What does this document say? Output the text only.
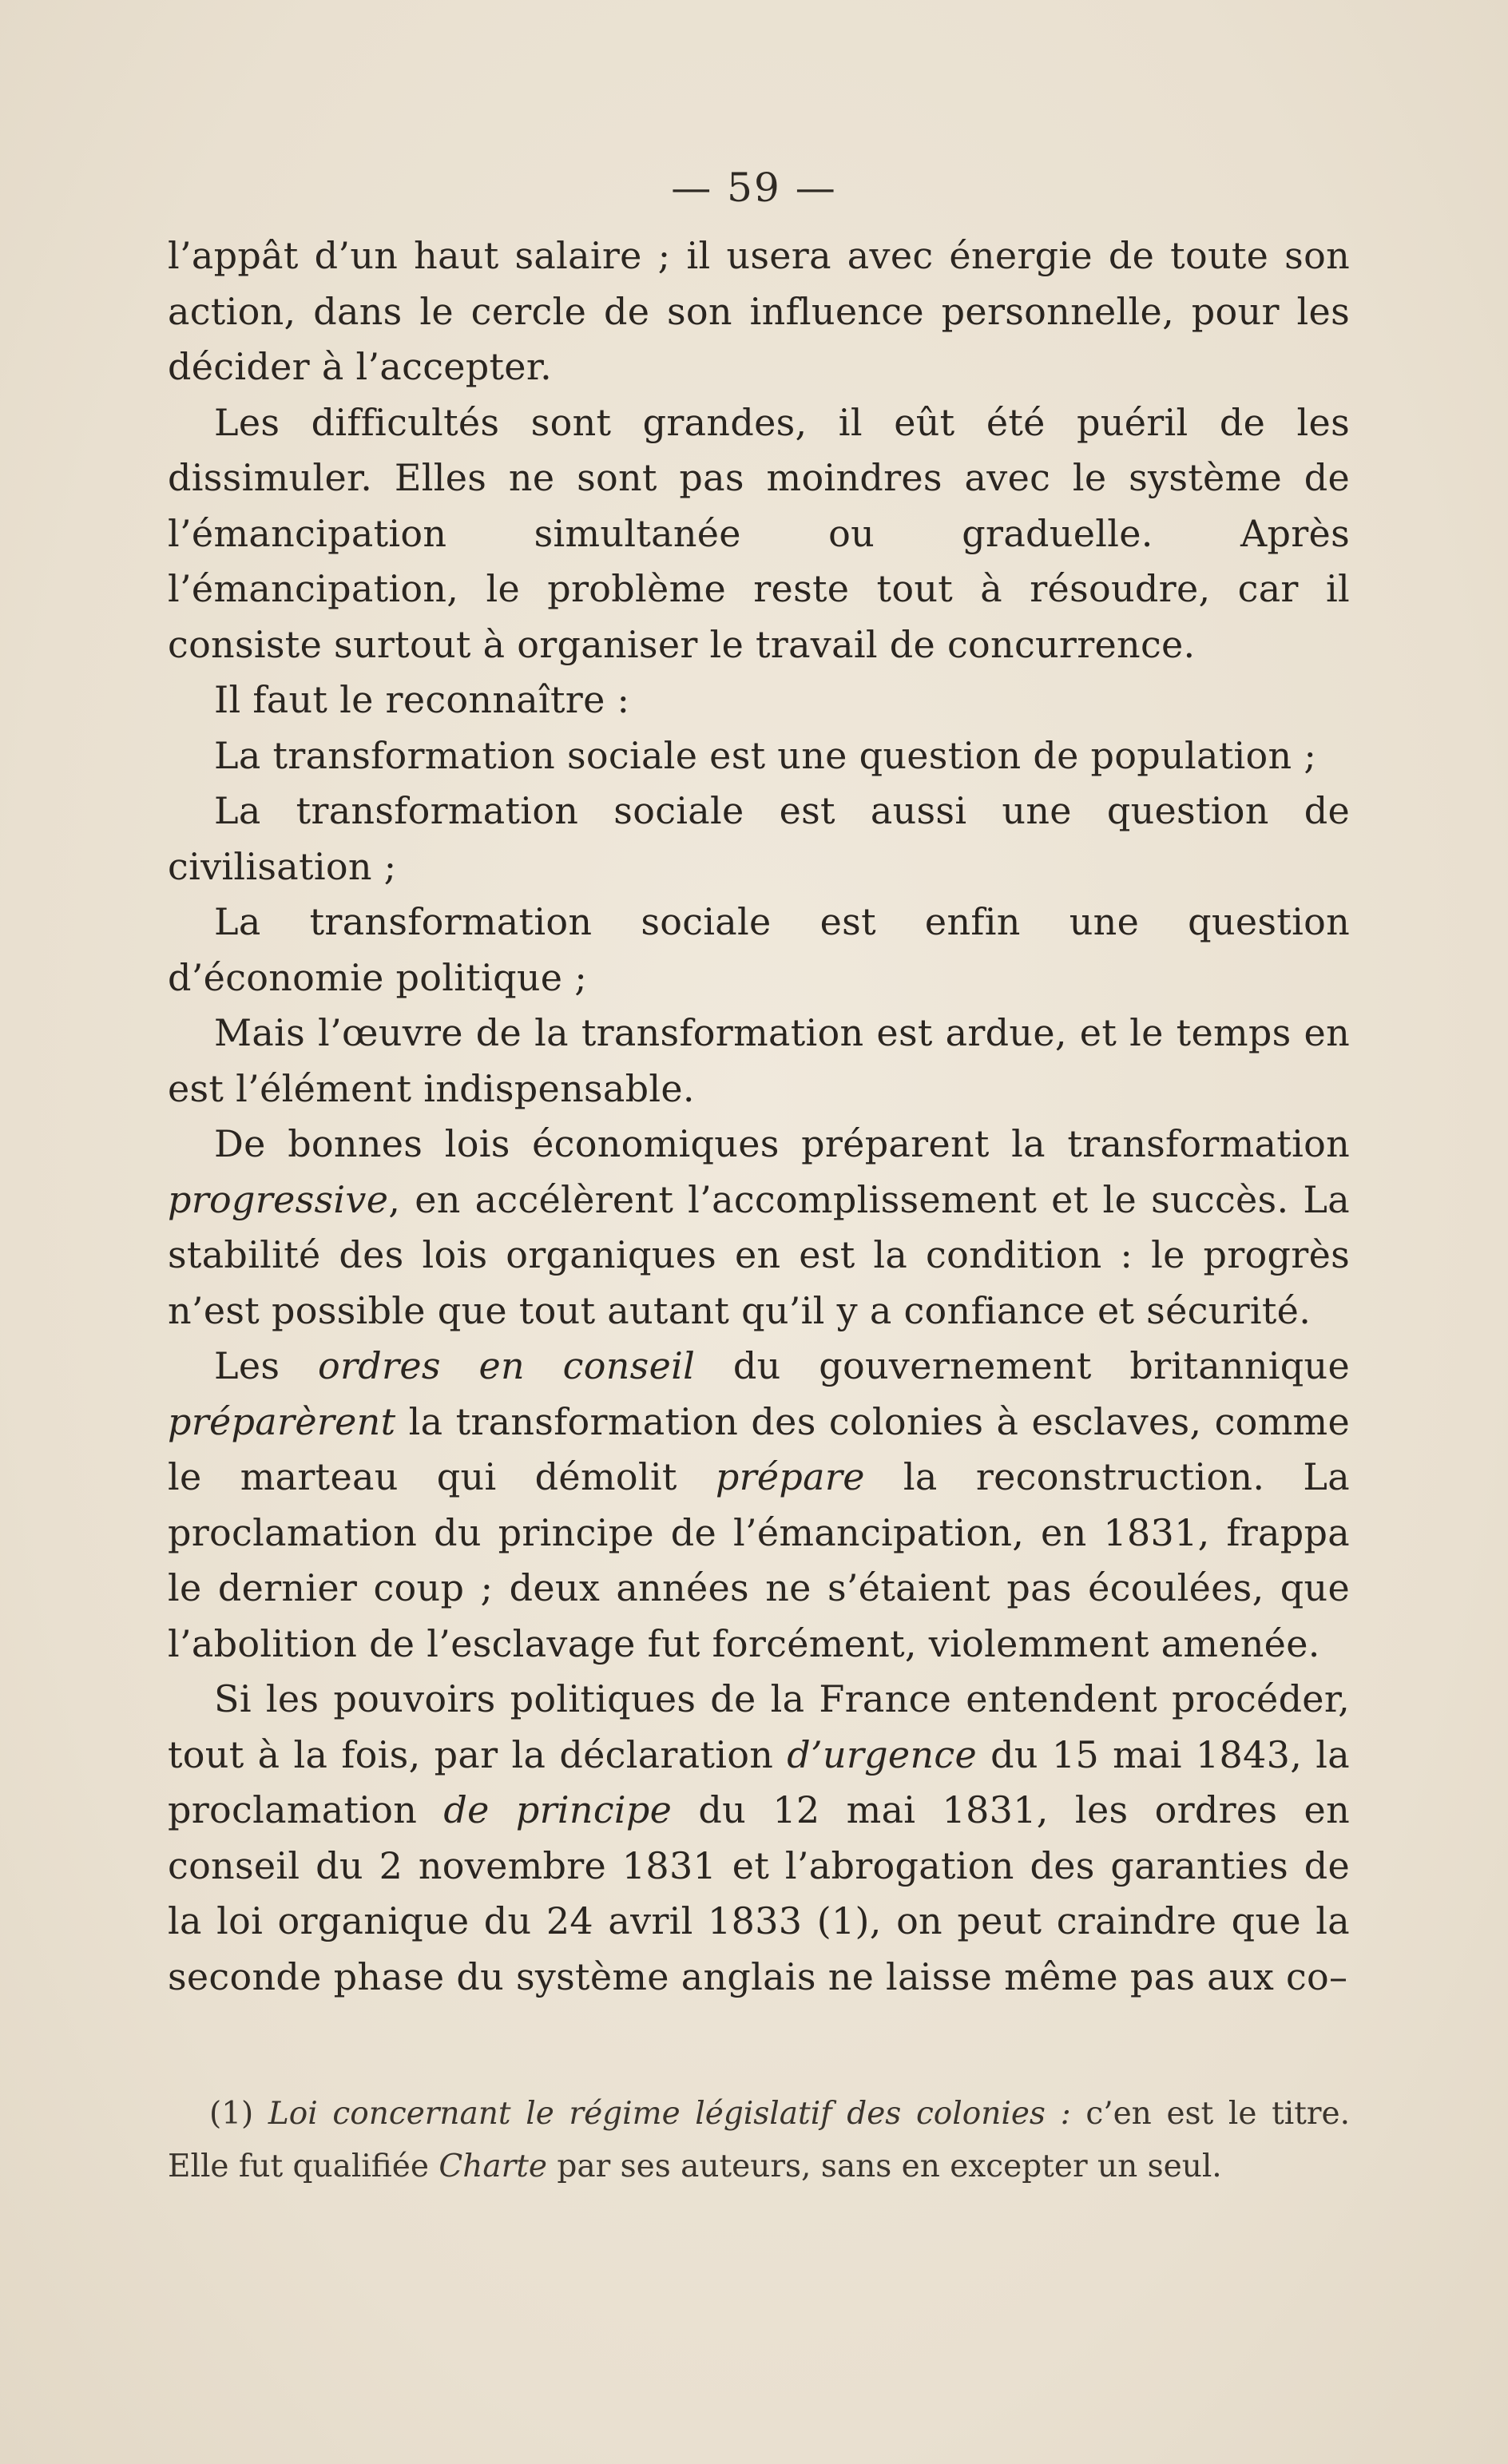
— 59 —

l’appât d’un haut salaire ; il usera avec énergie de toute son action, dans le cercle de son influence personnelle, pour les décider à l’accepter.

Les difficultés sont grandes, il eût été puéril de les dissimuler. Elles ne sont pas moindres avec le système de l’émancipation simultanée ou graduelle. Après l’émancipation, le problème reste tout à résoudre, car il consiste surtout à organiser le travail de concurrence.

Il faut le reconnaître :

La transformation sociale est une question de population ;

La transformation sociale est aussi une question de civilisation ;

La transformation sociale est enfin une question d’économie politique ;

Mais l’œuvre de la transformation est ardue, et le temps en est l’élément indispensable.

De bonnes lois économiques préparent la transformation progressive, en accélèrent l’accomplissement et le succès. La stabilité des lois organiques en est la condition : le progrès n’est possible que tout autant qu’il y a confiance et sécurité.

Les ordres en conseil du gouvernement britannique préparèrent la transformation des colonies à esclaves, comme le marteau qui démolit prépare la reconstruction. La proclamation du principe de l’émancipation, en 1831, frappa le dernier coup ; deux années ne s’étaient pas écoulées, que l’abolition de l’esclavage fut forcément, violemment amenée.

Si les pouvoirs politiques de la France entendent procéder, tout à la fois, par la déclaration d’urgence du 15 mai 1843, la proclamation de principe du 12 mai 1831, les ordres en conseil du 2 novembre 1831 et l’abrogation des garanties de la loi organique du 24 avril 1833 (1), on peut craindre que la seconde phase du système anglais ne laisse même pas aux co–

(1) Loi concernant le régime législatif des colonies : c’en est le titre. Elle fut qualifiée Charte par ses auteurs, sans en excepter un seul.
